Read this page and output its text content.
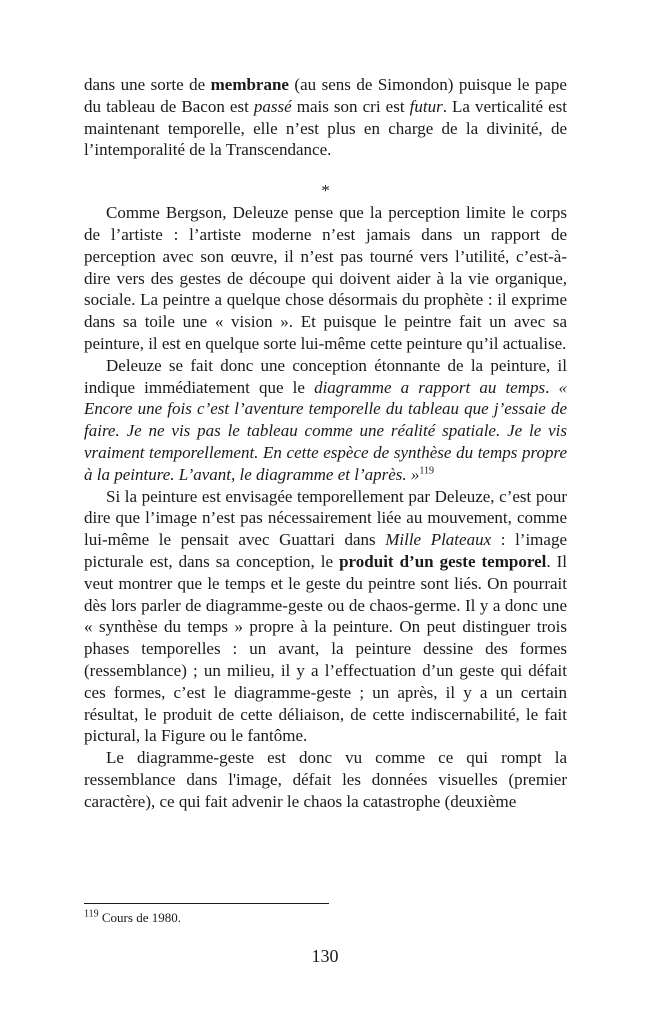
dans une sorte de membrane (au sens de Simondon) puisque le pape du tableau de Bacon est passé mais son cri est futur. La verticalité est maintenant temporelle, elle n’est plus en charge de la divinité, de l’intemporalité de la Transcendance.

*

Comme Bergson, Deleuze pense que la perception limite le corps de l’artiste : l’artiste moderne n’est jamais dans un rapport de perception avec son œuvre, il n’est pas tourné vers l’utilité, c’est-à-dire vers des gestes de découpe qui doivent aider à la vie organique, sociale. La peintre a quelque chose désormais du prophète : il exprime dans sa toile une « vision ». Et puisque le peintre fait un avec sa peinture, il est en quelque sorte lui-même cette peinture qu’il actualise.

Deleuze se fait donc une conception étonnante de la peinture, il indique immédiatement que le diagramme a rapport au temps. « Encore une fois c’est l’aventure temporelle du tableau que j’essaie de faire. Je ne vis pas le tableau comme une réalité spatiale. Je le vis vraiment temporellement. En cette espèce de synthèse du temps propre à la peinture. L’avant, le diagramme et l’après. »$^{119}$

Si la peinture est envisagée temporellement par Deleuze, c’est pour dire que l’image n’est pas nécessairement liée au mouvement, comme lui-même le pensait avec Guattari dans Mille Plateaux : l’image picturale est, dans sa conception, le produit d’un geste temporel. Il veut montrer que le temps et le geste du peintre sont liés. On pourrait dès lors parler de diagramme-geste ou de chaos-germe. Il y a donc une « synthèse du temps » propre à la peinture. On peut distinguer trois phases temporelles : un avant, la peinture dessine des formes (ressemblance) ; un milieu, il y a l’effectuation d’un geste qui défait ces formes, c’est le diagramme-geste ; un après, il y a un certain résultat, le produit de cette déliaison, de cette indiscernabilité, le fait pictural, la Figure ou le fantôme.

Le diagramme-geste est donc vu comme ce qui rompt la ressemblance dans l'image, défait les données visuelles (premier caractère), ce qui fait advenir le chaos la catastrophe (deuxième

$^{119}$ Cours de 1980.
130
